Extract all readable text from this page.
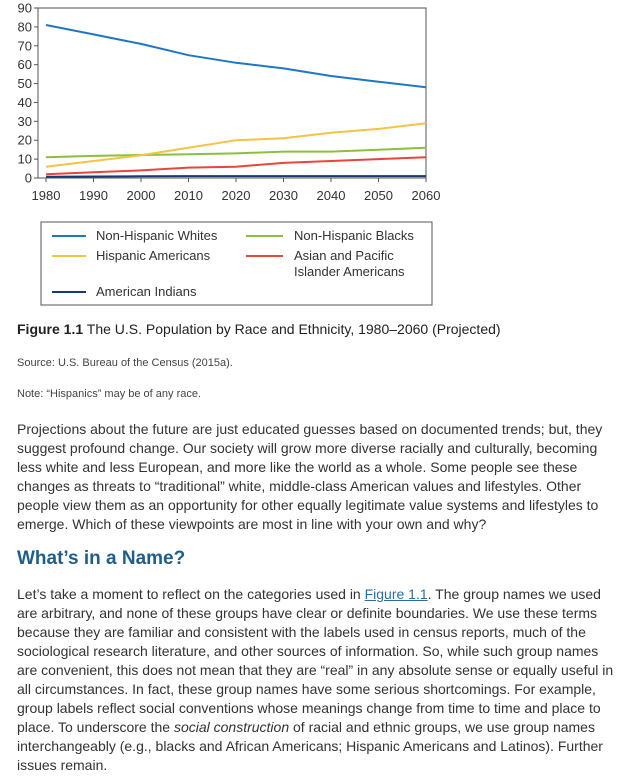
0
10
20
30
40
50
60
70
80
90
1980 1990 2000 2010 2020 2030 2040 2050 2060
Non-Hispanic Whites	Non-Hispanic Blacks
Hispanic Americans	Asian and Pacific
Islander Americans
American Indians
Figure 1.1 The U.S. Population by Race and Ethnicity, 1980–2060 (Projected)
Source: U.S. Bureau of the Census (2015a).
Note: “Hispanics” may be of any race.

Projections about the future are just educated guesses based on documented trends; but, they suggest profound change. Our society will grow more diverse racially and culturally, becoming less white and less European, and more like the world as a whole. Some people see these changes as threats to “traditional” white, middle-class American values and lifestyles. Other people view them as an opportunity for other equally legitimate value systems and lifestyles to emerge. Which of these viewpoints are most in line with your own and why?

What’s in a Name?

Let’s take a moment to reflect on the categories used in Figure 1.1. The group names we used are arbitrary, and none of these groups have clear or definite boundaries. We use these terms because they are familiar and consistent with the labels used in census reports, much of the sociological research literature, and other sources of information. So, while such group names are convenient, this does not mean that they are “real” in any absolute sense or equally useful in all circumstances. In fact, these group names have some serious shortcomings. For example, group labels reflect social conventions whose meanings change from time to time and place to place. To underscore the social construction of racial and ethnic groups, we use group names interchangeably (e.g., blacks and African Americans; Hispanic Americans and Latinos). Further issues remain.
